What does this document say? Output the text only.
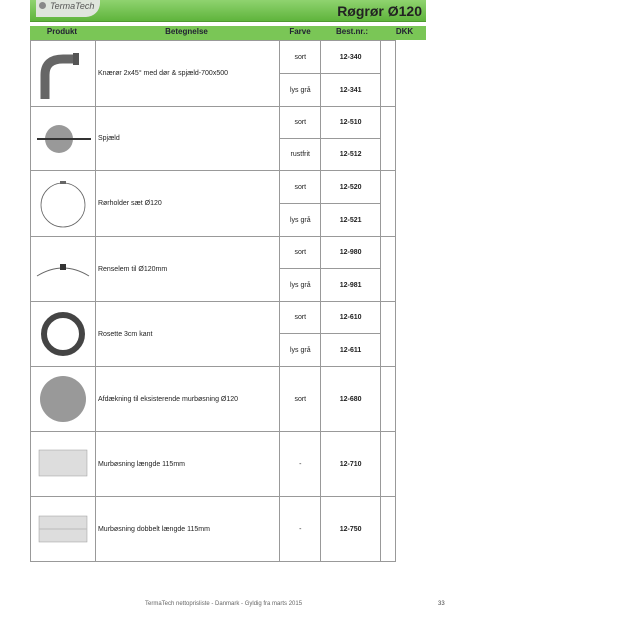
TermaTech	Røgrør Ø120
Produkt	Betegnelse	Farve	Best.nr.:	DKK
	Knærør 2x45° med dør & spjæld-700x500	sort	12-340	
		lys grå	12-341	

	Spjæld	sort	12-510	
		rustfrit	12-512	

	Rørholder sæt Ø120	sort	12-520	
		lys grå	12-521	

	Renselem til Ø120mm	sort	12-980	
		lys grå	12-981	

	Rosette 3cm kant	sort	12-610	
		lys grå	12-611	

	Afdækning til eksisterende murbøsning Ø120	sort	12-680	

	Murbøsning længde 115mm	-	12-710	

	Murbøsning dobbelt længde 115mm	-	12-750	
TermaTech nettoprisliste - Danmark - Gyldig fra marts 2015	33
